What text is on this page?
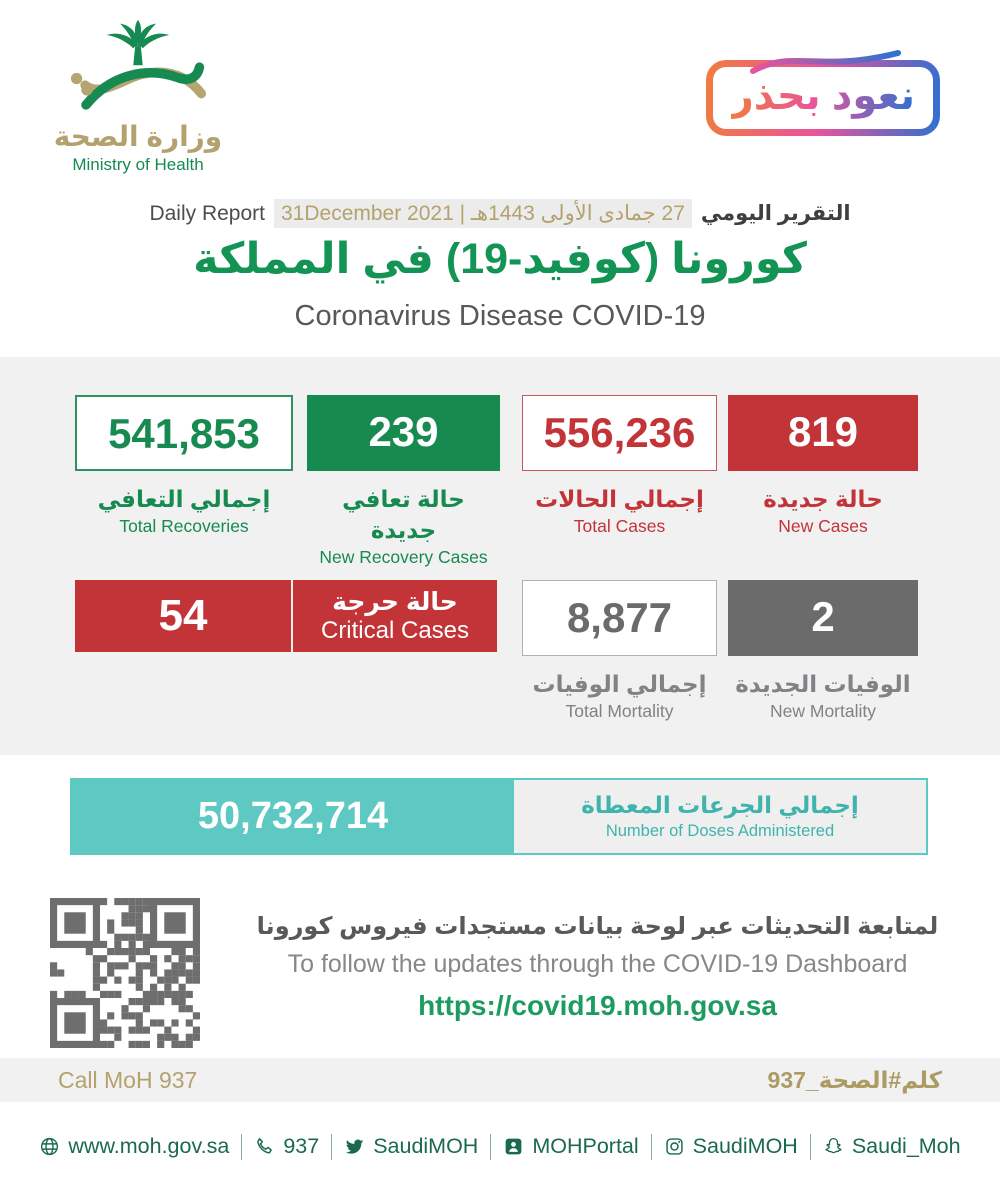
وزارة الصحة
Ministry of Health
نعود بحذر
Daily Report 27 جمادى الأولى 1443هـ | 31December 2021 التقرير اليومي
كورونا (كوفيد-19) في المملكة
Coronavirus Disease COVID-19
541,853
إجمالي التعافي
Total Recoveries
239
حالة تعافي جديدة
New Recovery Cases
556,236
إجمالي الحالات
Total Cases
819
حالة جديدة
New Cases
54	حالة حرجة
Critical Cases	8,877
إجمالي الوفيات
Total Mortality
2
الوفيات الجديدة
New Mortality
50,732,714	إجمالي الجرعات المعطاة
Number of Doses Administered
لمتابعة التحديثات عبر لوحة بيانات مستجدات فيروس كورونا
To follow the updates through the COVID-19 Dashboard
https://covid19.moh.gov.sa
Call MoH 937	كلم#الصحة_937
www.moh.gov.sa	937	SaudiMOH	MOHPortal	SaudiMOH	Saudi_Moh
